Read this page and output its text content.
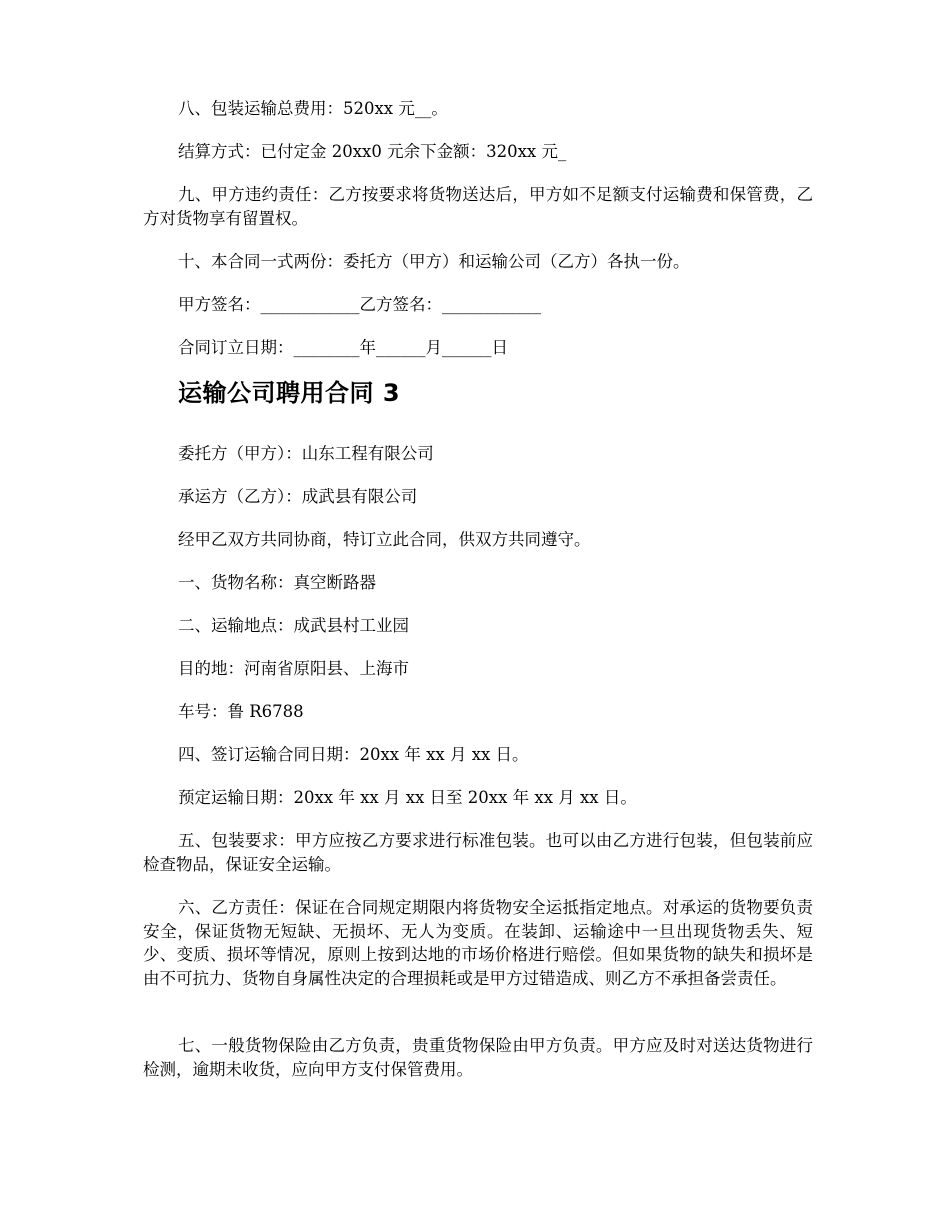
八、包装运输总费用：520xx 元__。
结算方式：已付定金 20xx0 元余下金额：320xx 元_
九、甲方违约责任：乙方按要求将货物送达后，甲方如不足额支付运输费和保管费，乙方对货物享有留置权。
十、本合同一式两份：委托方（甲方）和运输公司（乙方）各执一份。
甲方签名：____________乙方签名：____________
合同订立日期：________年______月______日
运输公司聘用合同 3
委托方（甲方）：山东工程有限公司
承运方（乙方）：成武县有限公司
经甲乙双方共同协商，特订立此合同，供双方共同遵守。
一、货物名称：真空断路器
二、运输地点：成武县村工业园
目的地：河南省原阳县、上海市
车号：鲁 R6788
四、签订运输合同日期：20xx 年 xx 月 xx 日。
预定运输日期：20xx 年 xx 月 xx 日至 20xx 年 xx 月 xx 日。
五、包装要求：甲方应按乙方要求进行标准包装。也可以由乙方进行包装，但包装前应检查物品，保证安全运输。
六、乙方责任：保证在合同规定期限内将货物安全运抵指定地点。对承运的货物要负责安全，保证货物无短缺、无损坏、无人为变质。在装卸、运输途中一旦出现货物丢失、短少、变质、损坏等情况，原则上按到达地的市场价格进行赔偿。但如果货物的缺失和损坏是由不可抗力、货物自身属性决定的合理损耗或是甲方过错造成、则乙方不承担备尝责任。
七、一般货物保险由乙方负责，贵重货物保险由甲方负责。甲方应及时对送达货物进行检测，逾期未收货，应向甲方支付保管费用。
